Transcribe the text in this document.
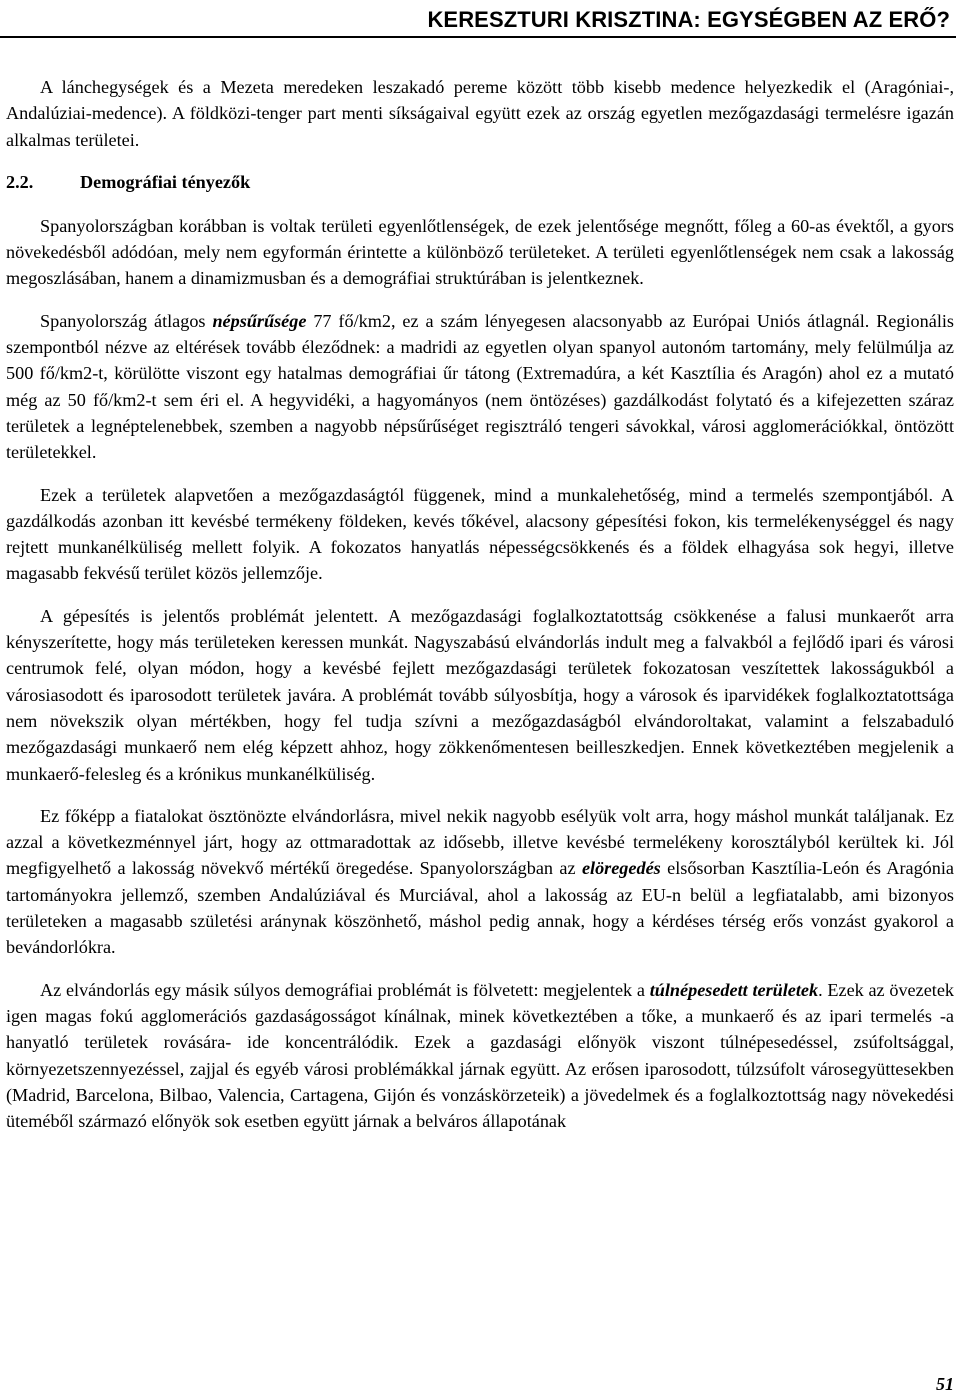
KERESZTURI KRISZTINA: EGYSÉGBEN AZ ERŐ?

A lánchegységek és a Mezeta meredeken leszakadó pereme között több kisebb medence helyezkedik el (Aragóniai-, Andalúziai-medence). A földközi-tenger part menti síkságaival együtt ezek az ország egyetlen mezőgazdasági termelésre igazán alkalmas területei.

2.2.	Demográfiai tényezők

Spanyolországban korábban is voltak területi egyenlőtlenségek, de ezek jelentősége megnőtt, főleg a 60-as évektől, a gyors növekedésből adódóan, mely nem egyformán érintette a különböző területeket. A területi egyenlőtlenségek nem csak a lakosság megoszlásában, hanem a dinamizmusban és a demográfiai struktúrában is jelentkeznek.

Spanyolország átlagos népsűrűsége 77 fő/km2, ez a szám lényegesen alacsonyabb az Európai Uniós átlagnál. Regionális szempontból nézve az eltérések tovább éleződnek: a madridi az egyetlen olyan spanyol autonóm tartomány, mely felülmúlja az 500 fő/km2-t, körülötte viszont egy hatalmas demográfiai űr tátong (Extremadúra, a két Kasztília és Aragón) ahol ez a mutató még az 50 fő/km2-t sem éri el. A hegyvidéki, a hagyományos (nem öntözéses) gazdálkodást folytató és a kifejezetten száraz területek a legnéptelenebbek, szemben a nagyobb népsűrűséget regisztráló tengeri sávokkal, városi agglomerációkkal, öntözött területekkel.

Ezek a területek alapvetően a mezőgazdaságtól függenek, mind a munkalehetőség, mind a termelés szempontjából. A gazdálkodás azonban itt kevésbé termékeny földeken, kevés tőkével, alacsony gépesítési fokon, kis termelékenységgel és nagy rejtett munkanélküliség mellett folyik. A fokozatos hanyatlás népességcsökkenés és a földek elhagyása sok hegyi, illetve magasabb fekvésű terület közös jellemzője.

A gépesítés is jelentős problémát jelentett. A mezőgazdasági foglalkoztatottság csökkenése a falusi munkaerőt arra kényszerítette, hogy más területeken keressen munkát. Nagyszabású elvándorlás indult meg a falvakból a fejlődő ipari és városi centrumok felé, olyan módon, hogy a kevésbé fejlett mezőgazdasági területek fokozatosan veszítettek lakosságukból a városiasodott és iparosodott területek javára. A problémát tovább súlyosbítja, hogy a városok és iparvidékek foglalkoztatottsága nem növekszik olyan mértékben, hogy fel tudja szívni a mezőgazdaságból elvándoroltakat, valamint a felszabaduló mezőgazdasági munkaerő nem elég képzett ahhoz, hogy zökkenőmentesen beilleszkedjen. Ennek következtében megjelenik a munkaerő-felesleg és a krónikus munkanélküliség.

Ez főképp a fiatalokat ösztönözte elvándorlásra, mivel nekik nagyobb esélyük volt arra, hogy máshol munkát találjanak. Ez azzal a következménnyel járt, hogy az ottmaradottak az idősebb, illetve kevésbé termelékeny korosztályból kerültek ki. Jól megfigyelhető a lakosság növekvő mértékű öregedése. Spanyolországban az elöregedés elsősorban Kasztília-León és Aragónia tartományokra jellemző, szemben Andalúziával és Murciával, ahol a lakosság az EU-n belül a legfiatalabb, ami bizonyos területeken a magasabb születési aránynak köszönhető, máshol pedig annak, hogy a kérdéses térség erős vonzást gyakorol a bevándorlókra.

Az elvándorlás egy másik súlyos demográfiai problémát is fölvetett: megjelentek a túlnépesedett területek. Ezek az övezetek igen magas fokú agglomerációs gazdaságosságot kínálnak, minek következtében a tőke, a munkaerő és az ipari termelés -a hanyatló területek rovására- ide koncentrálódik. Ezek a gazdasági előnyök viszont túlnépesedéssel, zsúfoltsággal, környezetszennyezéssel, zajjal és egyéb városi problémákkal járnak együtt. Az erősen iparosodott, túlzsúfolt városegyüttesekben (Madrid, Barcelona, Bilbao, Valencia, Cartagena, Gijón és vonzáskörzeteik) a jövedelmek és a foglalkoztottság nagy növekedési üteméből származó előnyök sok esetben együtt járnak a belváros állapotának

51
